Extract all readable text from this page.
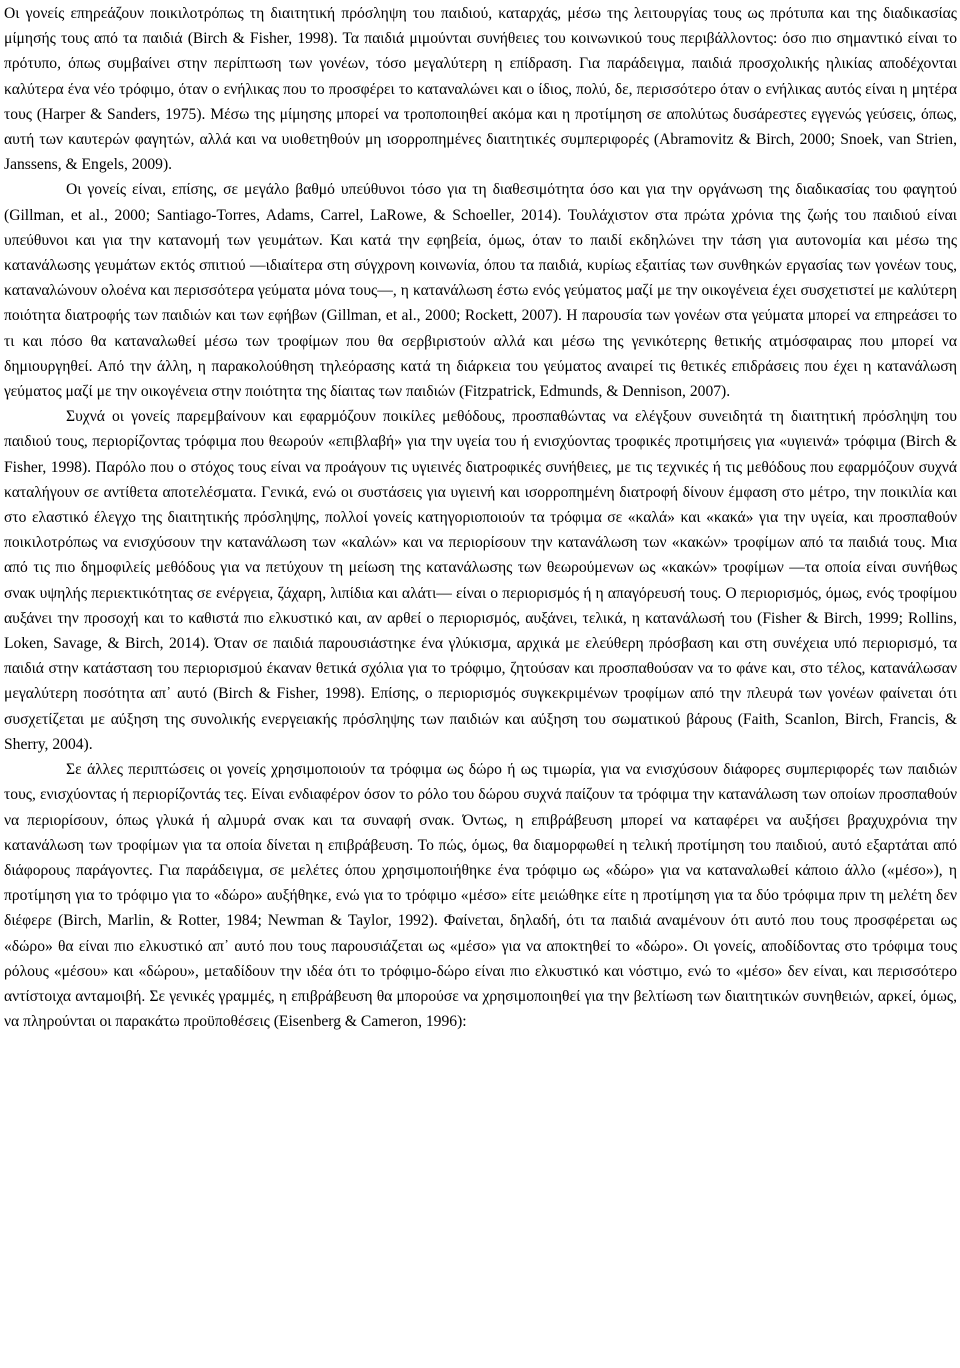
Οι γονείς επηρεάζουν ποικιλοτρόπως τη διαιτητική πρόσληψη του παιδιού, καταρχάς, μέσω της λειτουργίας τους ως πρότυπα και της διαδικασίας μίμησής τους από τα παιδιά (Birch & Fisher, 1998). Τα παιδιά μιμούνται συνήθειες του κοινωνικού τους περιβάλλοντος: όσο πιο σημαντικό είναι το πρότυπο, όπως συμβαίνει στην περίπτωση των γονέων, τόσο μεγαλύτερη η επίδραση. Για παράδειγμα, παιδιά προσχολικής ηλικίας αποδέχονται καλύτερα ένα νέο τρόφιμο, όταν ο ενήλικας που το προσφέρει το καταναλώνει και ο ίδιος, πολύ, δε, περισσότερο όταν ο ενήλικας αυτός είναι η μητέρα τους (Harper & Sanders, 1975). Μέσω της μίμησης μπορεί να τροποποιηθεί ακόμα και η προτίμηση σε απολύτως δυσάρεστες εγγενώς γεύσεις, όπως, αυτή των καυτερών φαγητών, αλλά και να υιοθετηθούν μη ισορροπημένες διαιτητικές συμπεριφορές (Abramovitz & Birch, 2000; Snoek, van Strien, Janssens, & Engels, 2009).

Οι γονείς είναι, επίσης, σε μεγάλο βαθμό υπεύθυνοι τόσο για τη διαθεσιμότητα όσο και για την οργάνωση της διαδικασίας του φαγητού (Gillman, et al., 2000; Santiago-Torres, Adams, Carrel, LaRowe, & Schoeller, 2014). Τουλάχιστον στα πρώτα χρόνια της ζωής του παιδιού είναι υπεύθυνοι και για την κατανομή των γευμάτων. Και κατά την εφηβεία, όμως, όταν το παιδί εκδηλώνει την τάση για αυτονομία και μέσω της κατανάλωσης γευμάτων εκτός σπιτιού —ιδιαίτερα στη σύγχρονη κοινωνία, όπου τα παιδιά, κυρίως εξαιτίας των συνθηκών εργασίας των γονέων τους, καταναλώνουν ολοένα και περισσότερα γεύματα μόνα τους—, η κατανάλωση έστω ενός γεύματος μαζί με την οικογένεια έχει συσχετιστεί με καλύτερη ποιότητα διατροφής των παιδιών και των εφήβων (Gillman, et al., 2000; Rockett, 2007). Η παρουσία των γονέων στα γεύματα μπορεί να επηρεάσει το τι και πόσο θα καταναλωθεί μέσω των τροφίμων που θα σερβιριστούν αλλά και μέσω της γενικότερης θετικής ατμόσφαιρας που μπορεί να δημιουργηθεί. Από την άλλη, η παρακολούθηση τηλεόρασης κατά τη διάρκεια του γεύματος αναιρεί τις θετικές επιδράσεις που έχει η κατανάλωση γεύματος μαζί με την οικογένεια στην ποιότητα της δίαιτας των παιδιών (Fitzpatrick, Edmunds, & Dennison, 2007).

Συχνά οι γονείς παρεμβαίνουν και εφαρμόζουν ποικίλες μεθόδους, προσπαθώντας να ελέγξουν συνειδητά τη διαιτητική πρόσληψη του παιδιού τους, περιορίζοντας τρόφιμα που θεωρούν «επιβλαβή» για την υγεία του ή ενισχύοντας τροφικές προτιμήσεις για «υγιεινά» τρόφιμα (Birch & Fisher, 1998). Παρόλο που ο στόχος τους είναι να προάγουν τις υγιεινές διατροφικές συνήθειες, με τις τεχνικές ή τις μεθόδους που εφαρμόζουν συχνά καταλήγουν σε αντίθετα αποτελέσματα. Γενικά, ενώ οι συστάσεις για υγιεινή και ισορροπημένη διατροφή δίνουν έμφαση στο μέτρο, την ποικιλία και στο ελαστικό έλεγχο της διαιτητικής πρόσληψης, πολλοί γονείς κατηγοριοποιούν τα τρόφιμα σε «καλά» και «κακά» για την υγεία, και προσπαθούν ποικιλοτρόπως να ενισχύσουν την κατανάλωση των «καλών» και να περιορίσουν την κατανάλωση των «κακών» τροφίμων από τα παιδιά τους. Μια από τις πιο δημοφιλείς μεθόδους για να πετύχουν τη μείωση της κατανάλωσης των θεωρούμενων ως «κακών» τροφίμων —τα οποία είναι συνήθως σνακ υψηλής περιεκτικότητας σε ενέργεια, ζάχαρη, λιπίδια και αλάτι— είναι ο περιορισμός ή η απαγόρευσή τους. Ο περιορισμός, όμως, ενός τροφίμου αυξάνει την προσοχή και το καθιστά πιο ελκυστικό και, αν αρθεί ο περιορισμός, αυξάνει, τελικά, η κατανάλωσή του (Fisher & Birch, 1999; Rollins, Loken, Savage, & Birch, 2014). Όταν σε παιδιά παρουσιάστηκε ένα γλύκισμα, αρχικά με ελεύθερη πρόσβαση και στη συνέχεια υπό περιορισμό, τα παιδιά στην κατάσταση του περιορισμού έκαναν θετικά σχόλια για το τρόφιμο, ζητούσαν και προσπαθούσαν να το φάνε και, στο τέλος, κατανάλωσαν μεγαλύτερη ποσότητα απ᾽ αυτό (Birch & Fisher, 1998). Επίσης, ο περιορισμός συγκεκριμένων τροφίμων από την πλευρά των γονέων φαίνεται ότι συσχετίζεται με αύξηση της συνολικής ενεργειακής πρόσληψης των παιδιών και αύξηση του σωματικού βάρους (Faith, Scanlon, Birch, Francis, & Sherry, 2004).

Σε άλλες περιπτώσεις οι γονείς χρησιμοποιούν τα τρόφιμα ως δώρο ή ως τιμωρία, για να ενισχύσουν διάφορες συμπεριφορές των παιδιών τους, ενισχύοντας ή περιορίζοντάς τες. Είναι ενδιαφέρον όσον το ρόλο του δώρου συχνά παίζουν τα τρόφιμα την κατανάλωση των οποίων προσπαθούν να περιορίσουν, όπως γλυκά ή αλμυρά σνακ και τα συναφή σνακ. Όντως, η επιβράβευση μπορεί να καταφέρει να αυξήσει βραχυχρόνια την κατανάλωση των τροφίμων για τα οποία δίνεται η επιβράβευση. Το πώς, όμως, θα διαμορφωθεί η τελική προτίμηση του παιδιού, αυτό εξαρτάται από διάφορους παράγοντες. Για παράδειγμα, σε μελέτες όπου χρησιμοποιήθηκε ένα τρόφιμο ως «δώρο» για να καταναλωθεί κάποιο άλλο («μέσο»), η προτίμηση για το τρόφιμο για το «δώρο» αυξήθηκε, ενώ για το τρόφιμο «μέσο» είτε μειώθηκε είτε η προτίμηση για τα δύο τρόφιμα πριν τη μελέτη δεν διέφερε (Birch, Marlin, & Rotter, 1984; Newman & Taylor, 1992). Φαίνεται, δηλαδή, ότι τα παιδιά αναμένουν ότι αυτό που τους προσφέρεται ως «δώρο» θα είναι πιο ελκυστικό απ᾽ αυτό που τους παρουσιάζεται ως «μέσο» για να αποκτηθεί το «δώρο». Οι γονείς, αποδίδοντας στο τρόφιμα τους ρόλους «μέσου» και «δώρου», μεταδίδουν την ιδέα ότι το τρόφιμο-δώρο είναι πιο ελκυστικό και νόστιμο, ενώ το «μέσο» δεν είναι, και περισσότερο αντίστοιχα ανταμοιβή. Σε γενικές γραμμές, η επιβράβευση θα μπορούσε να χρησιμοποιηθεί για την βελτίωση των διαιτητικών συνηθειών, αρκεί, όμως, να πληρούνται οι παρακάτω προϋποθέσεις (Eisenberg & Cameron, 1996):
